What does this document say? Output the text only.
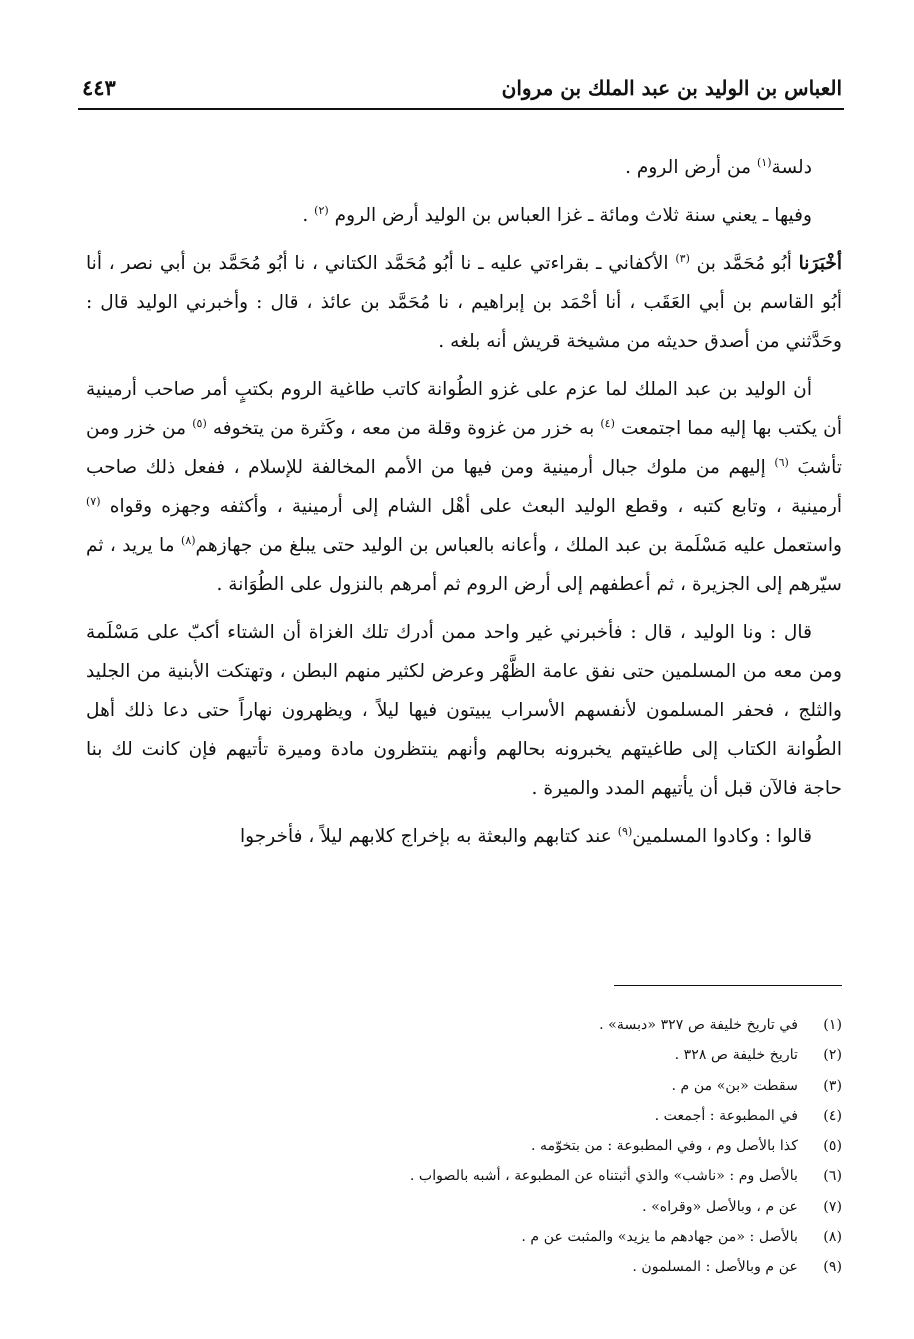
العباس بن الوليد بن عبد الملك بن مروان
٤٤٣

دلسة$^{(١)}$ من أرض الروم .

وفيها ـ يعني سنة ثلاث ومائة ـ غزا العباس بن الوليد أرض الروم $^{(٢)}$ .

أخْبَرَنا أبُو مُحَمَّد بن $^{(٣)}$ الأكفاني ـ بقراءتي عليه ـ نا أبُو مُحَمَّد الكتاني ، نا أبُو مُحَمَّد بن أبي نصر ، أنا أبُو القاسم بن أبي العَقَب ، أنا أحْمَد بن إبراهيم ، نا مُحَمَّد بن عائذ ، قال : وأخبرني الوليد قال : وحَدَّثني من أصدق حديثه من مشيخة قريش أنه بلغه .

أن الوليد بن عبد الملك لما عزم على غزو الطُوانة كاتب طاغية الروم بكتبٍ أمر صاحب أرمينية أن يكتب بها إليه مما اجتمعت $^{(٤)}$ به خزر من غزوة وقلة من معه ، وكَثرة من يتخوفه $^{(٥)}$ من خزر ومن تأشبَ $^{(٦)}$ إليهم من ملوك جبال أرمينية ومن فيها من الأمم المخالفة للإسلام ، ففعل ذلك صاحب أرمينية ، وتابع كتبه ، وقطع الوليد البعث على أهْل الشام إلى أرمينية ، وأكثفه وجهزه وقواه $^{(٧)}$ واستعمل عليه مَسْلَمة بن عبد الملك ، وأعانه بالعباس بن الوليد حتى يبلغ من جهازهم$^{(٨)}$ ما يريد ، ثم سيّرهم إلى الجزيرة ، ثم أعطفهم إلى أرض الروم ثم أمرهم بالنزول على الطُوَانة .

قال : ونا الوليد ، قال : فأخبرني غير واحد ممن أدرك تلك الغزاة أن الشتاء أكبّ على مَسْلَمة ومن معه من المسلمين حتى نفق عامة الظَّهْر وعرض لكثير منهم البطن ، وتهتكت الأبنية من الجليد والثلج ، فحفر المسلمون لأنفسهم الأسراب يبيتون فيها ليلاً ، ويظهرون نهاراً حتى دعا ذلك أهل الطُوانة الكتاب إلى طاغيتهم يخبرونه بحالهم وأنهم ينتظرون مادة وميرة تأتيهم فإن كانت لك بنا حاجة فالآن قبل أن يأتيهم المدد والميرة .

قالوا : وكادوا المسلمين$^{(٩)}$ عند كتابهم والبعثة به بإخراج كلابهم ليلاً ، فأخرجوا

(١)
في تاريخ خليفة ص ٣٢٧ «دبسة» .
(٢)
تاريخ خليفة ص ٣٢٨ .
(٣)
سقطت «بن» من م .
(٤)
في المطبوعة : أجمعت .
(٥)
كذا بالأصل وم ، وفي المطبوعة : من بتخوّمه .
(٦)
بالأصل وم : «ناشب» والذي أثبتناه عن المطبوعة ، أشبه بالصواب .
(٧)
عن م ، وبالأصل «وقراه» .
(٨)
بالأصل : «من جهادهم ما يزيد» والمثبت عن م .
(٩)
عن م وبالأصل : المسلمون .
